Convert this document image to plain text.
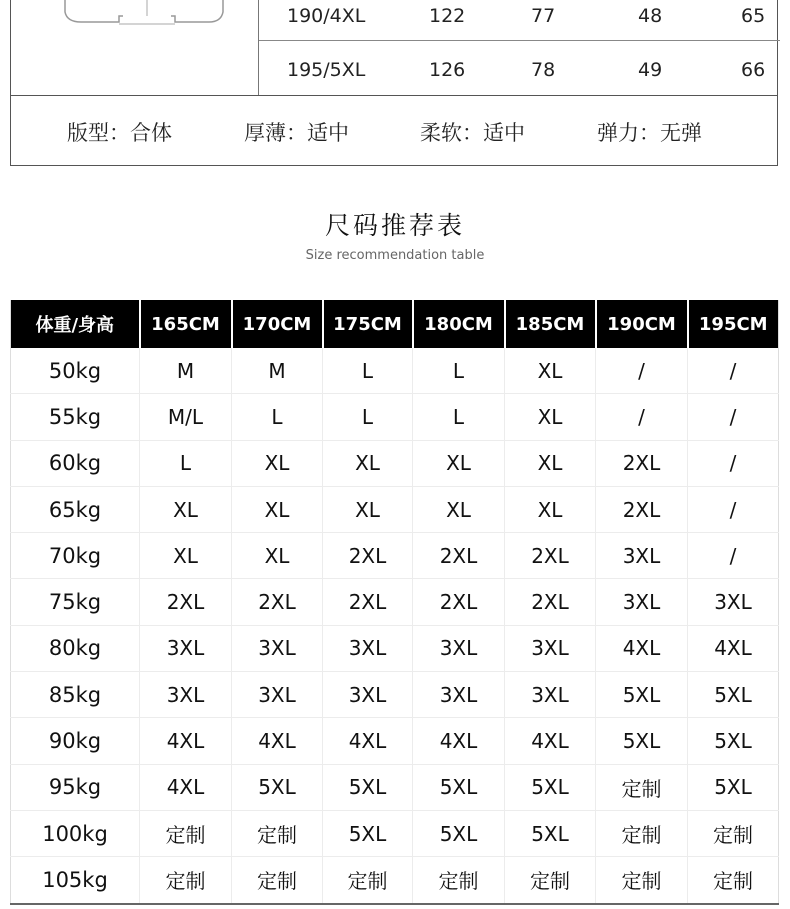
190/4XL	122	77	48	65
195/5XL	126	78	49	66
版型：合体	厚薄：适中	柔软：适中	弹力：无弹
尺码推荐表
Size recommendation table
体重/身高	165CM	170CM	175CM	180CM	185CM	190CM	195CM
50kg	M	M	L	L	XL	/	/
55kg	M/L	L	L	L	XL	/	/
60kg	L	XL	XL	XL	XL	2XL	/
65kg	XL	XL	XL	XL	XL	2XL	/
70kg	XL	XL	2XL	2XL	2XL	3XL	/
75kg	2XL	2XL	2XL	2XL	2XL	3XL	3XL
80kg	3XL	3XL	3XL	3XL	3XL	4XL	4XL
85kg	3XL	3XL	3XL	3XL	3XL	5XL	5XL
90kg	4XL	4XL	4XL	4XL	4XL	5XL	5XL
95kg	4XL	5XL	5XL	5XL	5XL	定制	5XL
100kg	定制	定制	5XL	5XL	5XL	定制	定制
105kg	定制	定制	定制	定制	定制	定制	定制
